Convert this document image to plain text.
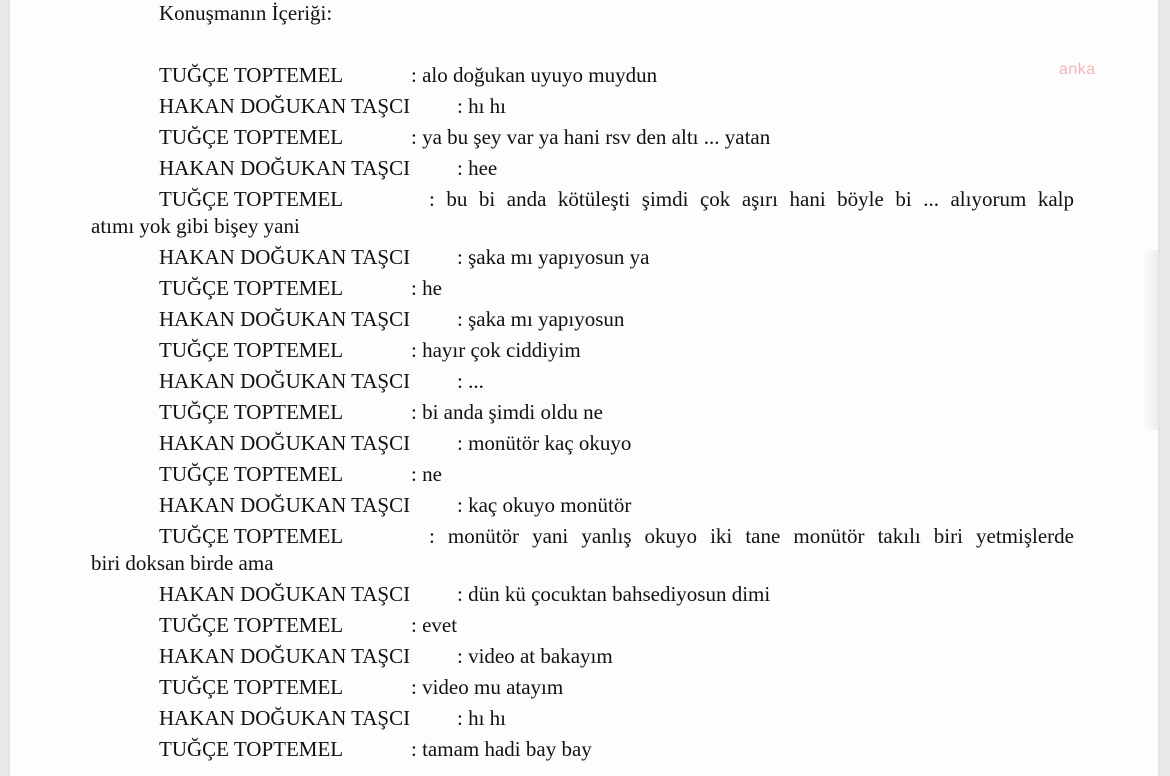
Konuşmanın İçeriği:
anka
TUĞÇE TOPTEMEL	: alo doğukan uyuyo muydun
HAKAN DOĞUKAN TAŞCI : hı hı
TUĞÇE TOPTEMEL	: ya bu şey var ya hani rsv den altı ... yatan
HAKAN DOĞUKAN TAŞCI : hee
TUĞÇE TOPTEMEL	: bu bi anda kötüleşti şimdi çok aşırı hani böyle bi ... alıyorum kalp
atımı yok gibi bişey yani
HAKAN DOĞUKAN TAŞCI : şaka mı yapıyosun ya
TUĞÇE TOPTEMEL	: he
HAKAN DOĞUKAN TAŞCI : şaka mı yapıyosun
TUĞÇE TOPTEMEL	: hayır çok ciddiyim
HAKAN DOĞUKAN TAŞCI : ...
TUĞÇE TOPTEMEL	: bi anda şimdi oldu ne
HAKAN DOĞUKAN TAŞCI : monütör kaç okuyo
TUĞÇE TOPTEMEL	: ne
HAKAN DOĞUKAN TAŞCI : kaç okuyo monütör
TUĞÇE TOPTEMEL	: monütör yani yanlış okuyo iki tane monütör takılı biri yetmişlerde
biri doksan birde ama
HAKAN DOĞUKAN TAŞCI : dün kü çocuktan bahsediyosun dimi
TUĞÇE TOPTEMEL	: evet
HAKAN DOĞUKAN TAŞCI : video at bakayım
TUĞÇE TOPTEMEL	: video mu atayım
HAKAN DOĞUKAN TAŞCI : hı hı
TUĞÇE TOPTEMEL	: tamam hadi bay bay
